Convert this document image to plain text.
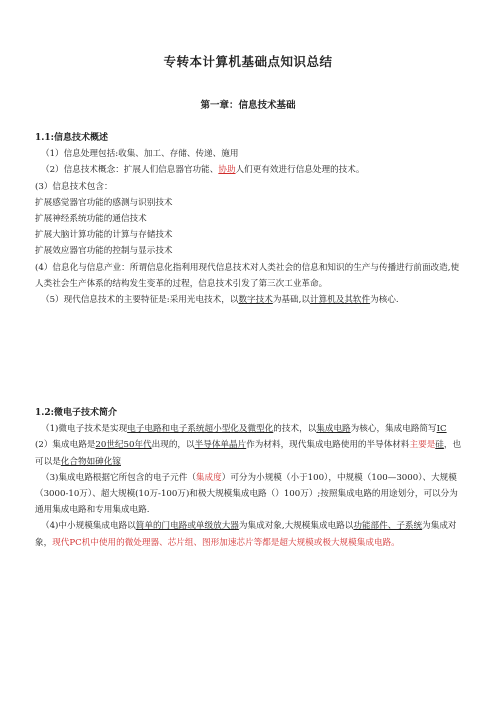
专转本计算机基础点知识总结
第一章：信息技术基础

1.1:信息技术概述

（1）信息处理包括:收集、加工、存储、传递、施用

（2）信息技术概念：扩展人们信息器官功能、协助人们更有效进行信息处理的技术。

(3）信息技术包含：

扩展感觉器官功能的感测与识别技术

扩展神经系统功能的通信技术

扩展大脑计算功能的计算与存储技术

扩展效应器官功能的控制与显示技术

(4）信息化与信息产业：所谓信息化指利用现代信息技术对人类社会的信息和知识的生产与传播进行前面改造,使人类社会生产体系的结构发生变革的过程，信息技术引发了第三次工业革命。

（5）现代信息技术的主要特征是:采用光电技术，以数字技术为基础,以计算机及其软件为核心.

1.2:微电子技术简介

（1)微电子技术是实现电子电路和电子系统超小型化及微型化的技术，以集成电路为核心，集成电路简写IC

(2）集成电路是20世纪50年代出现的，以半导体单晶片作为材料，现代集成电路使用的半导体材料主要是硅，也可以是化合物如砷化镓

（3)集成电路根据它所包含的电子元件（集成度）可分为小规模（小于100），中规模（100—3000）、大规模（3000-10万）、超大规模(10万-100万)和极大规模集成电路（）100万）;按照集成电路的用途划分，可以分为通用集成电路和专用集成电路.

（4)中小规模集成电路以简单的门电路或单级放大器为集成对象,大规模集成电路以功能部件、子系统为集成对象，现代PC机中使用的微处理器、芯片组、图形加速芯片等都是超大规模或极大规模集成电路。
